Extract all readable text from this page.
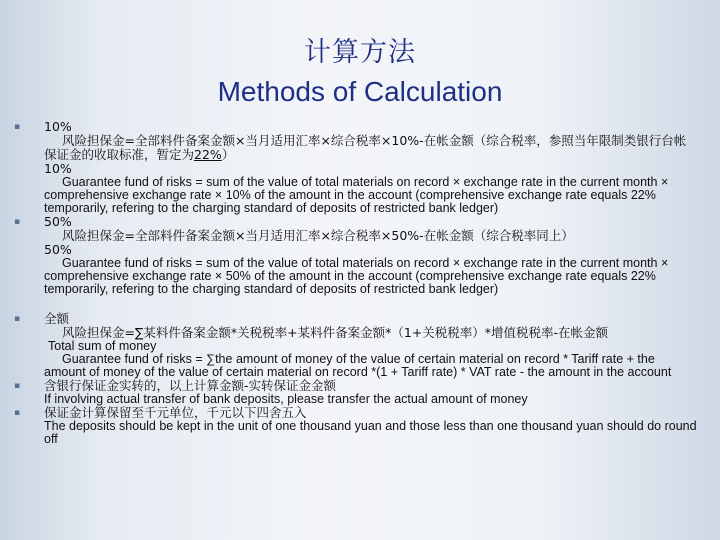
计算方法
Methods of Calculation
▪ 10%

风险担保金=全部料件备案金额×当月适用汇率×综合税率×10%-在帐金额（综合税率，参照当年限制类银行台帐保证金的收取标准，暂定为22%）

10%

Guarantee fund of risks = sum of the value of total materials on record × exchange rate in the current month × comprehensive exchange rate × 10% of the amount in the account (comprehensive exchange rate equals 22% temporarily, refering to the charging standard of deposits of restricted bank ledger)

▪ 50%

风险担保金=全部料件备案金额×当月适用汇率×综合税率×50%-在帐金额（综合税率同上）

50%

Guarantee fund of risks = sum of the value of total materials on record × exchange rate in the current month × comprehensive exchange rate × 50% of the amount in the account (comprehensive exchange rate equals 22% temporarily, refering to the charging standard of deposits of restricted bank ledger)

▪ 全额

风险担保金=∑某料件备案金额*关税税率+某料件备案金额*（1+关税税率）*增值税税率-在帐金额

Total sum of money

Guarantee fund of risks = ∑the amount of money of the value of certain material on record * Tariff rate + the amount of money of the value of certain material on record *(1 + Tariff rate) * VAT rate - the amount in the account

▪ 含银行保证金实转的，以上计算金额-实转保证金金额

If involving actual transfer of bank deposits, please transfer the actual amount of money

▪ 保证金计算保留至千元单位，千元以下四舍五入

The deposits should be kept in the unit of one thousand yuan and those less than one thousand yuan should do round off
